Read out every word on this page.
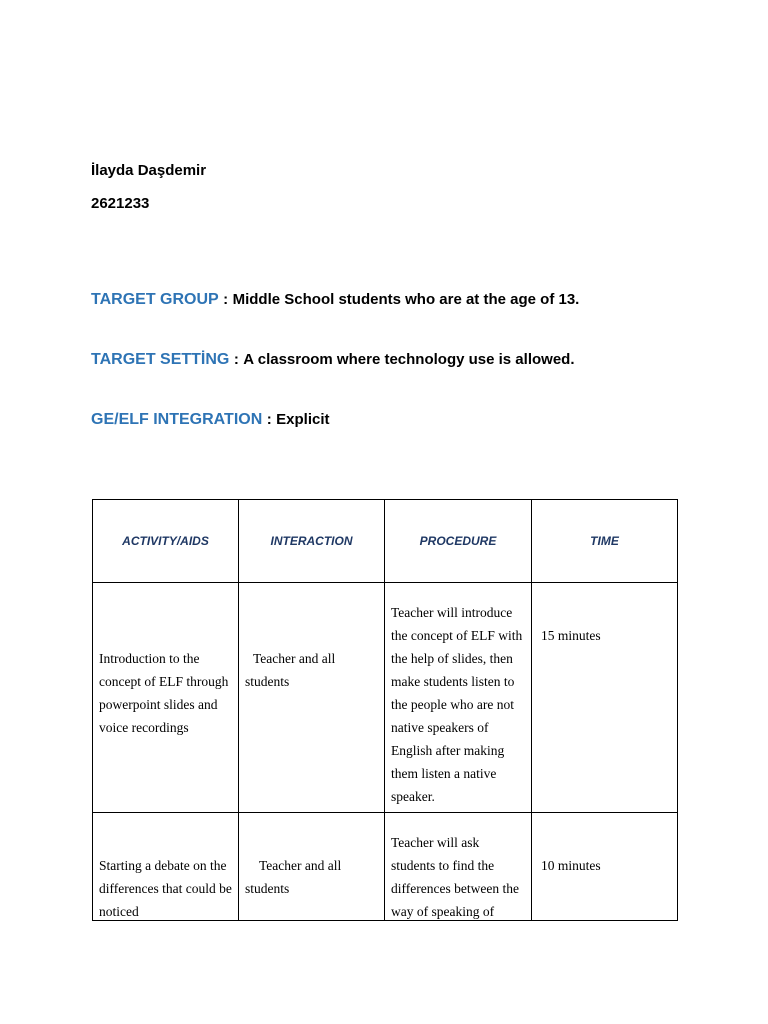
İlayda Daşdemir
2621233
TARGET GROUP : Middle School students who are at the age of 13.
TARGET SETTİNG : A classroom where technology use is allowed.
GE/ELF INTEGRATION : Explicit
ACTIVITY/AIDS	INTERACTION	PROCEDURE	TIME

Introduction to the concept of ELF through powerpoint slides and voice recordings	Teacher and all students	Teacher will introduce the concept of ELF with the help of slides, then make students listen to the people who are not native speakers of English after making them listen a native speaker.	15 minutes

Starting a debate on the differences that could be noticed	Teacher and all students	Teacher will ask students to find the differences between the way of speaking of	10 minutes
